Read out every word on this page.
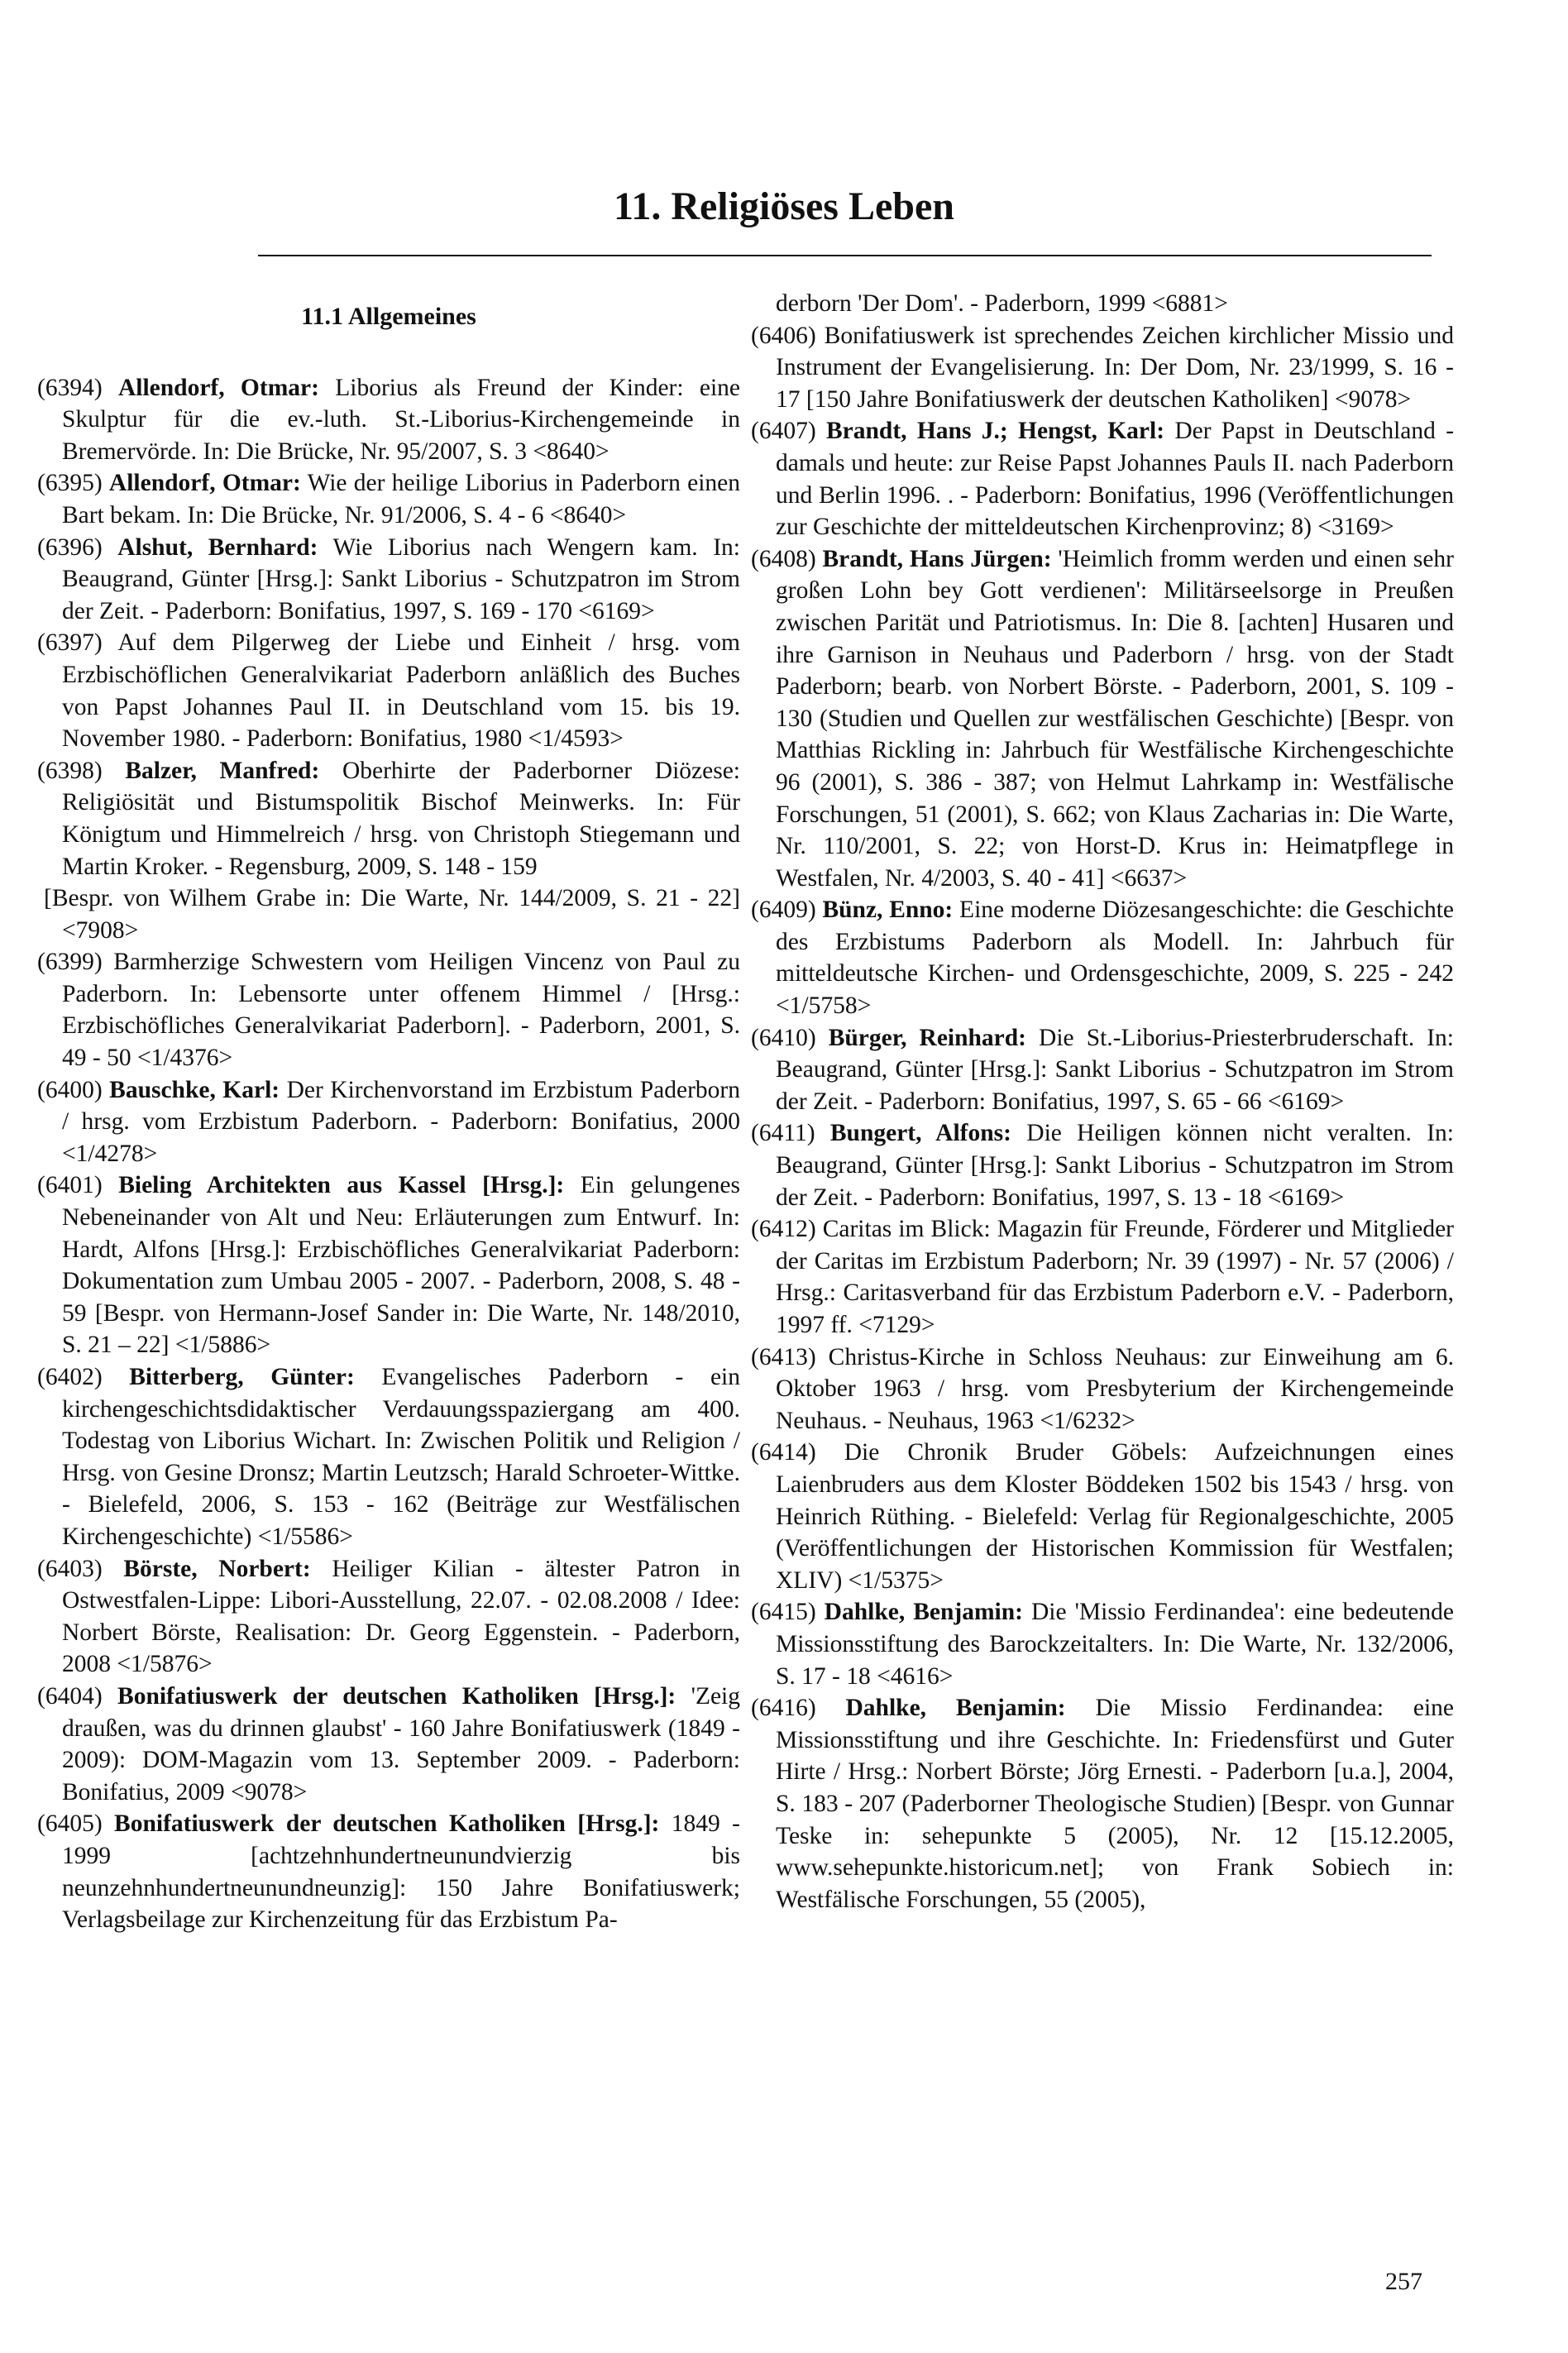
11. Religiöses Leben
11.1 Allgemeines

(6394) Allendorf, Otmar: Liborius als Freund der Kinder: eine Skulptur für die ev.-luth. St.-Liborius-Kirchengemeinde in Bremervörde. In: Die Brücke, Nr. 95/2007, S. 3 <8640>

(6395) Allendorf, Otmar: Wie der heilige Liborius in Paderborn einen Bart bekam. In: Die Brücke, Nr. 91/2006, S. 4 - 6 <8640>

(6396) Alshut, Bernhard: Wie Liborius nach Wengern kam. In: Beaugrand, Günter [Hrsg.]: Sankt Liborius - Schutzpatron im Strom der Zeit. - Paderborn: Bonifatius, 1997, S. 169 - 170 <6169>

(6397) Auf dem Pilgerweg der Liebe und Einheit / hrsg. vom Erzbischöflichen Generalvikariat Paderborn anläßlich des Buches von Papst Johannes Paul II. in Deutschland vom 15. bis 19. November 1980. - Paderborn: Bonifatius, 1980 <1/4593>

(6398) Balzer, Manfred: Oberhirte der Paderborner Diözese: Religiösität und Bistumspolitik Bischof Meinwerks. In: Für Königtum und Himmelreich / hrsg. von Christoph Stiegemann und Martin Kroker. - Regensburg, 2009, S. 148 - 159

[Bespr. von Wilhem Grabe in: Die Warte, Nr. 144/2009, S. 21 - 22] <7908>

(6399) Barmherzige Schwestern vom Heiligen Vincenz von Paul zu Paderborn. In: Lebensorte unter offenem Himmel / [Hrsg.: Erzbischöfliches Generalvikariat Paderborn]. - Paderborn, 2001, S. 49 - 50 <1/4376>

(6400) Bauschke, Karl: Der Kirchenvorstand im Erzbistum Paderborn / hrsg. vom Erzbistum Paderborn. - Paderborn: Bonifatius, 2000 <1/4278>

(6401) Bieling Architekten aus Kassel [Hrsg.]: Ein gelungenes Nebeneinander von Alt und Neu: Erläuterungen zum Entwurf. In: Hardt, Alfons [Hrsg.]: Erzbischöfliches Generalvikariat Paderborn: Dokumentation zum Umbau 2005 - 2007. - Paderborn, 2008, S. 48 - 59 [Bespr. von Hermann-Josef Sander in: Die Warte, Nr. 148/2010, S. 21 – 22] <1/5886>

(6402) Bitterberg, Günter: Evangelisches Paderborn - ein kirchengeschichtsdidaktischer Verdauungsspaziergang am 400. Todestag von Liborius Wichart. In: Zwischen Politik und Religion / Hrsg. von Gesine Dronsz; Martin Leutzsch; Harald Schroeter-Wittke. - Bielefeld, 2006, S. 153 - 162 (Beiträge zur Westfälischen Kirchengeschichte) <1/5586>

(6403) Börste, Norbert: Heiliger Kilian - ältester Patron in Ostwestfalen-Lippe: Libori-Ausstellung, 22.07. - 02.08.2008 / Idee: Norbert Börste, Realisation: Dr. Georg Eggenstein. - Paderborn, 2008 <1/5876>

(6404) Bonifatiuswerk der deutschen Katholiken [Hrsg.]: 'Zeig draußen, was du drinnen glaubst' - 160 Jahre Bonifatiuswerk (1849 - 2009): DOM-Magazin vom 13. September 2009. - Paderborn: Bonifatius, 2009 <9078>

(6405) Bonifatiuswerk der deutschen Katholiken [Hrsg.]: 1849 - 1999 [achtzehnhundertneunundvierzig bis neunzehnhundertneunundneunzig]: 150 Jahre Bonifatiuswerk; Verlagsbeilage zur Kirchenzeitung für das Erzbistum Pa-

derborn 'Der Dom'. - Paderborn, 1999 <6881>

(6406) Bonifatiuswerk ist sprechendes Zeichen kirchlicher Missio und Instrument der Evangelisierung. In: Der Dom, Nr. 23/1999, S. 16 - 17 [150 Jahre Bonifatiuswerk der deutschen Katholiken] <9078>

(6407) Brandt, Hans J.; Hengst, Karl: Der Papst in Deutschland - damals und heute: zur Reise Papst Johannes Pauls II. nach Paderborn und Berlin 1996. . - Paderborn: Bonifatius, 1996 (Veröffentlichungen zur Geschichte der mitteldeutschen Kirchenprovinz; 8) <3169>

(6408) Brandt, Hans Jürgen: 'Heimlich fromm werden und einen sehr großen Lohn bey Gott verdienen': Militärseelsorge in Preußen zwischen Parität und Patriotismus. In: Die 8. [achten] Husaren und ihre Garnison in Neuhaus und Paderborn / hrsg. von der Stadt Paderborn; bearb. von Norbert Börste. - Paderborn, 2001, S. 109 - 130 (Studien und Quellen zur westfälischen Geschichte) [Bespr. von Matthias Rickling in: Jahrbuch für Westfälische Kirchengeschichte 96 (2001), S. 386 - 387; von Helmut Lahrkamp in: Westfälische Forschungen, 51 (2001), S. 662; von Klaus Zacharias in: Die Warte, Nr. 110/2001, S. 22; von Horst-D. Krus in: Heimatpflege in Westfalen, Nr. 4/2003, S. 40 - 41] <6637>

(6409) Bünz, Enno: Eine moderne Diözesangeschichte: die Geschichte des Erzbistums Paderborn als Modell. In: Jahrbuch für mitteldeutsche Kirchen- und Ordensgeschichte, 2009, S. 225 - 242 <1/5758>

(6410) Bürger, Reinhard: Die St.-Liborius-Priesterbruderschaft. In: Beaugrand, Günter [Hrsg.]: Sankt Liborius - Schutzpatron im Strom der Zeit. - Paderborn: Bonifatius, 1997, S. 65 - 66 <6169>

(6411) Bungert, Alfons: Die Heiligen können nicht veralten. In: Beaugrand, Günter [Hrsg.]: Sankt Liborius - Schutzpatron im Strom der Zeit. - Paderborn: Bonifatius, 1997, S. 13 - 18 <6169>

(6412) Caritas im Blick: Magazin für Freunde, Förderer und Mitglieder der Caritas im Erzbistum Paderborn; Nr. 39 (1997) - Nr. 57 (2006) / Hrsg.: Caritasverband für das Erzbistum Paderborn e.V. - Paderborn, 1997 ff. <7129>

(6413) Christus-Kirche in Schloss Neuhaus: zur Einweihung am 6. Oktober 1963 / hrsg. vom Presbyterium der Kirchengemeinde Neuhaus. - Neuhaus, 1963 <1/6232>

(6414) Die Chronik Bruder Göbels: Aufzeichnungen eines Laienbruders aus dem Kloster Böddeken 1502 bis 1543 / hrsg. von Heinrich Rüthing. - Bielefeld: Verlag für Regionalgeschichte, 2005 (Veröffentlichungen der Historischen Kommission für Westfalen; XLIV) <1/5375>

(6415) Dahlke, Benjamin: Die 'Missio Ferdinandea': eine bedeutende Missionsstiftung des Barockzeitalters. In: Die Warte, Nr. 132/2006, S. 17 - 18 <4616>

(6416) Dahlke, Benjamin: Die Missio Ferdinandea: eine Missionsstiftung und ihre Geschichte. In: Friedensfürst und Guter Hirte / Hrsg.: Norbert Börste; Jörg Ernesti. - Paderborn [u.a.], 2004, S. 183 - 207 (Paderborner Theologische Studien) [Bespr. von Gunnar Teske in: sehepunkte 5 (2005), Nr. 12 [15.12.2005, www.sehepunkte.historicum.net]; von Frank Sobiech in: Westfälische Forschungen, 55 (2005),

257
